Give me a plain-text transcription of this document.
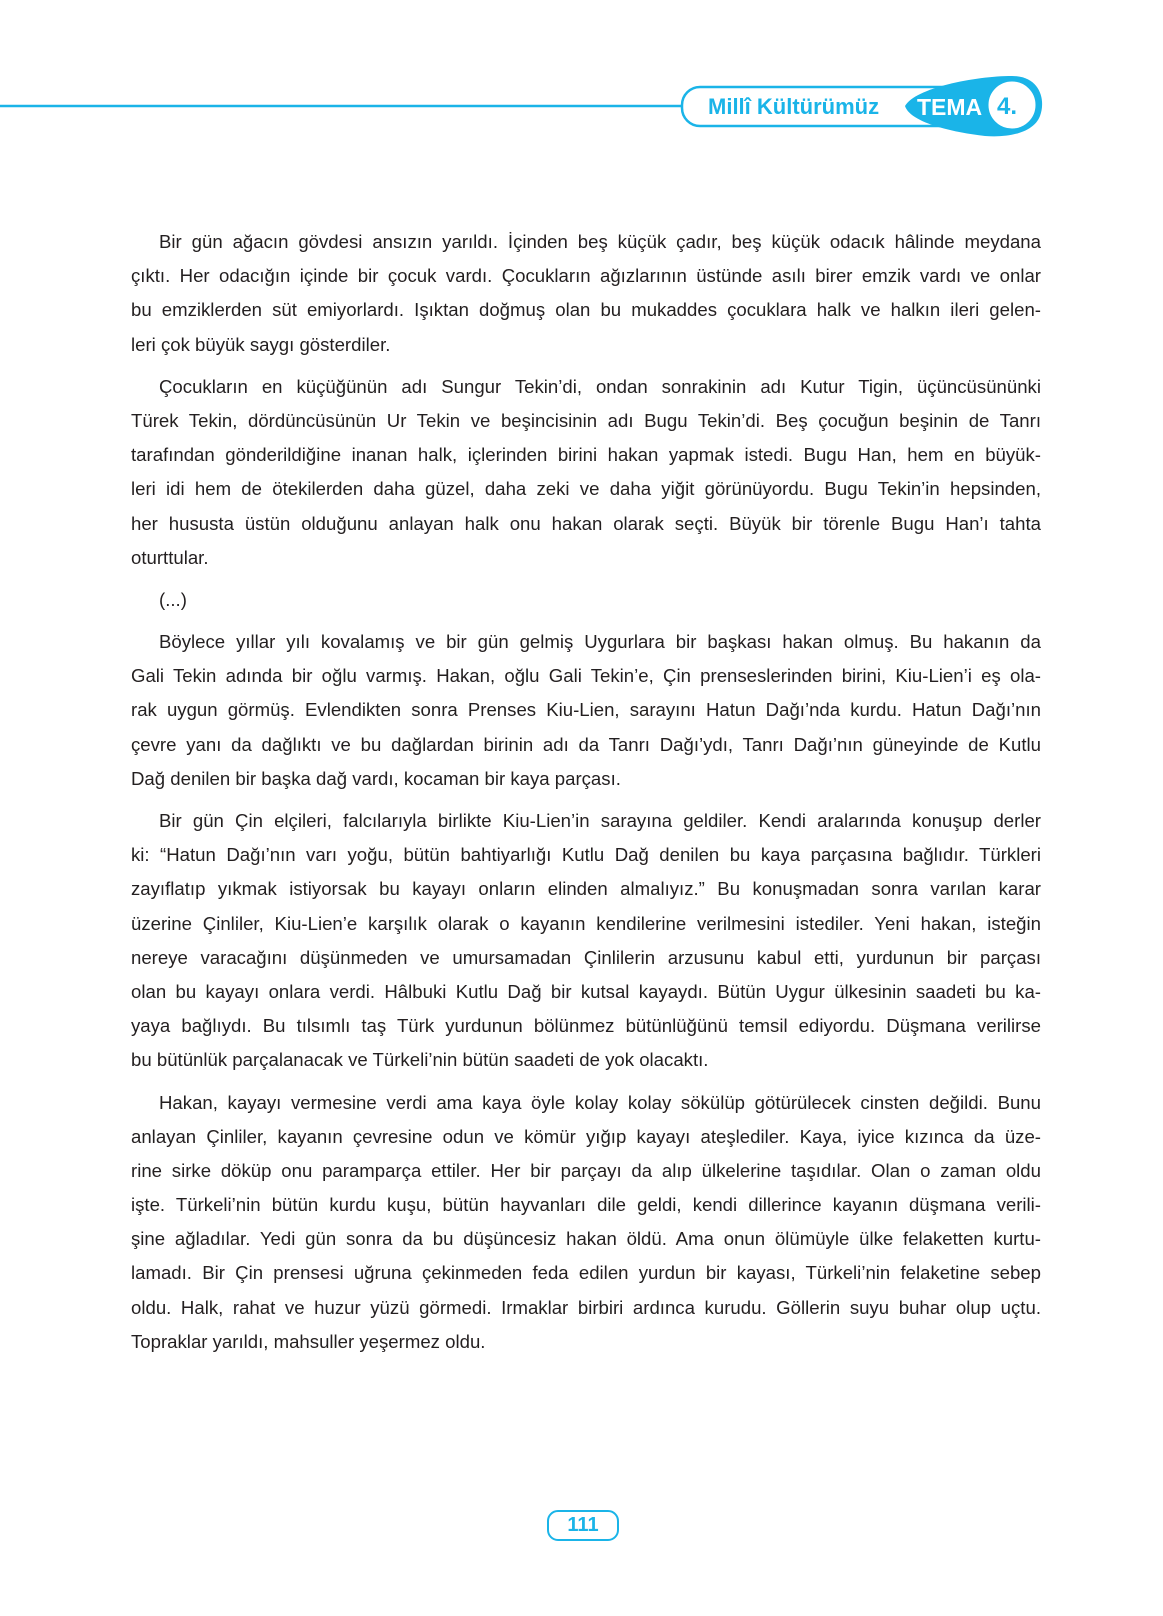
Millî Kültürümüz TEMA 4.
Bir gün ağacın gövdesi ansızın yarıldı. İçinden beş küçük çadır, beş küçük odacık hâlinde meydana
çıktı. Her odacığın içinde bir çocuk vardı. Çocukların ağızlarının üstünde asılı birer emzik vardı ve onlar
bu emziklerden süt emiyorlardı. Işıktan doğmuş olan bu mukaddes çocuklara halk ve halkın ileri gelen-
leri çok büyük saygı gösterdiler.
Çocukların en küçüğünün adı Sungur Tekin’di, ondan sonrakinin adı Kutur Tigin, üçüncüsününki
Türek Tekin, dördüncüsünün Ur Tekin ve beşincisinin adı Bugu Tekin’di. Beş çocuğun beşinin de Tanrı
tarafından gönderildiğine inanan halk, içlerinden birini hakan yapmak istedi. Bugu Han, hem en büyük-
leri idi hem de ötekilerden daha güzel, daha zeki ve daha yiğit görünüyordu. Bugu Tekin’in hepsinden,
her hususta üstün olduğunu anlayan halk onu hakan olarak seçti. Büyük bir törenle Bugu Han’ı tahta
oturttular.
(...)
Böylece yıllar yılı kovalamış ve bir gün gelmiş Uygurlara bir başkası hakan olmuş. Bu hakanın da
Gali Tekin adında bir oğlu varmış. Hakan, oğlu Gali Tekin’e, Çin prenseslerinden birini, Kiu-Lien’i eş ola-
rak uygun görmüş. Evlendikten sonra Prenses Kiu-Lien, sarayını Hatun Dağı’nda kurdu. Hatun Dağı’nın
çevre yanı da dağlıktı ve bu dağlardan birinin adı da Tanrı Dağı’ydı, Tanrı Dağı’nın güneyinde de Kutlu
Dağ denilen bir başka dağ vardı, kocaman bir kaya parçası.
Bir gün Çin elçileri, falcılarıyla birlikte Kiu-Lien’in sarayına geldiler. Kendi aralarında konuşup derler
ki: “Hatun Dağı’nın varı yoğu, bütün bahtiyarlığı Kutlu Dağ denilen bu kaya parçasına bağlıdır. Türkleri
zayıflatıp yıkmak istiyorsak bu kayayı onların elinden almalıyız.” Bu konuşmadan sonra varılan karar
üzerine Çinliler, Kiu-Lien’e karşılık olarak o kayanın kendilerine verilmesini istediler. Yeni hakan, isteğin
nereye varacağını düşünmeden ve umursamadan Çinlilerin arzusunu kabul etti, yurdunun bir parçası
olan bu kayayı onlara verdi. Hâlbuki Kutlu Dağ bir kutsal kayaydı. Bütün Uygur ülkesinin saadeti bu ka-
yaya bağlıydı. Bu tılsımlı taş Türk yurdunun bölünmez bütünlüğünü temsil ediyordu. Düşmana verilirse
bu bütünlük parçalanacak ve Türkeli’nin bütün saadeti de yok olacaktı.
Hakan, kayayı vermesine verdi ama kaya öyle kolay kolay sökülüp götürülecek cinsten değildi. Bunu
anlayan Çinliler, kayanın çevresine odun ve kömür yığıp kayayı ateşlediler. Kaya, iyice kızınca da üze-
rine sirke döküp onu paramparça ettiler. Her bir parçayı da alıp ülkelerine taşıdılar. Olan o zaman oldu
işte. Türkeli’nin bütün kurdu kuşu, bütün hayvanları dile geldi, kendi dillerince kayanın düşmana verili-
şine ağladılar. Yedi gün sonra da bu düşüncesiz hakan öldü. Ama onun ölümüyle ülke felaketten kurtu-
lamadı. Bir Çin prensesi uğruna çekinmeden feda edilen yurdun bir kayası, Türkeli’nin felaketine sebep
oldu. Halk, rahat ve huzur yüzü görmedi. Irmaklar birbiri ardınca kurudu. Göllerin suyu buhar olup uçtu.
Topraklar yarıldı, mahsuller yeşermez oldu.
111
